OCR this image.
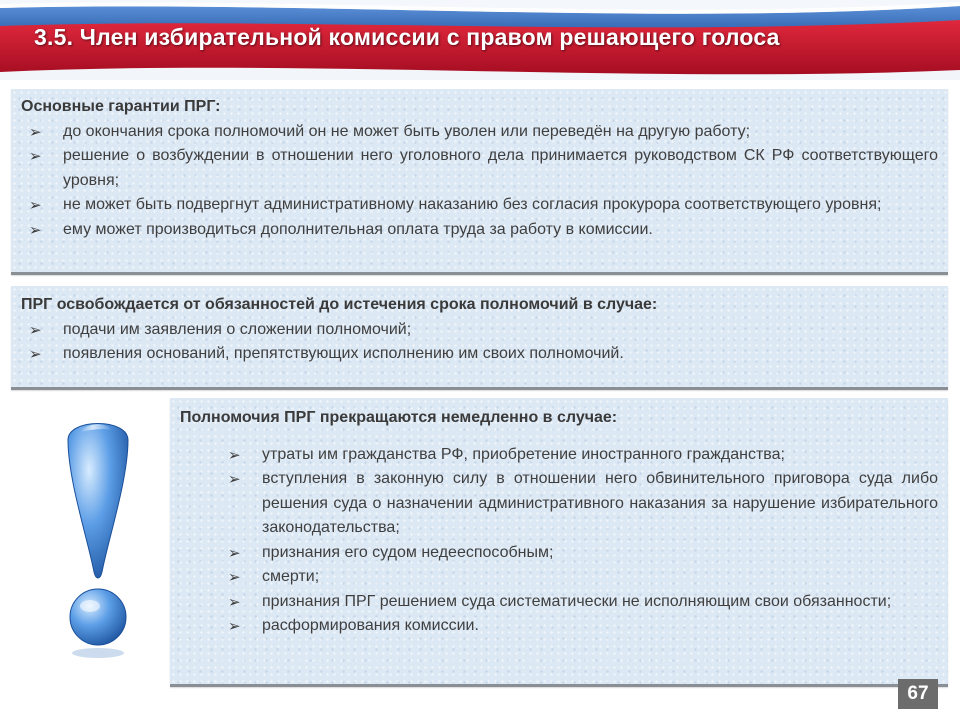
3.5. Член избирательной комиссии с правом решающего голоса
Основные гарантии ПРГ:
➢ до окончания срока полномочий он не может быть уволен или переведён на другую работу;
➢ решение о возбуждении в отношении него уголовного дела принимается руководством СК РФ соответствующего уровня;
➢ не может быть подвергнут административному наказанию без согласия прокурора соответствующего уровня;
➢ ему может производиться дополнительная оплата труда за работу в комиссии.
ПРГ освобождается от обязанностей до истечения срока полномочий в случае:
➢ подачи им заявления о сложении полномочий;
➢ появления оснований, препятствующих исполнению им своих полномочий.
Полномочия ПРГ прекращаются немедленно в случае:
➢ утраты им гражданства РФ, приобретение иностранного гражданства;
➢ вступления в законную силу в отношении него обвинительного приговора суда либо решения суда о назначении административного наказания за нарушение избирательного законодательства;
➢ признания его судом недееспособным;
➢ смерти;
➢ признания ПРГ решением суда систематически не исполняющим свои обязанности;
➢ расформирования комиссии.
67
